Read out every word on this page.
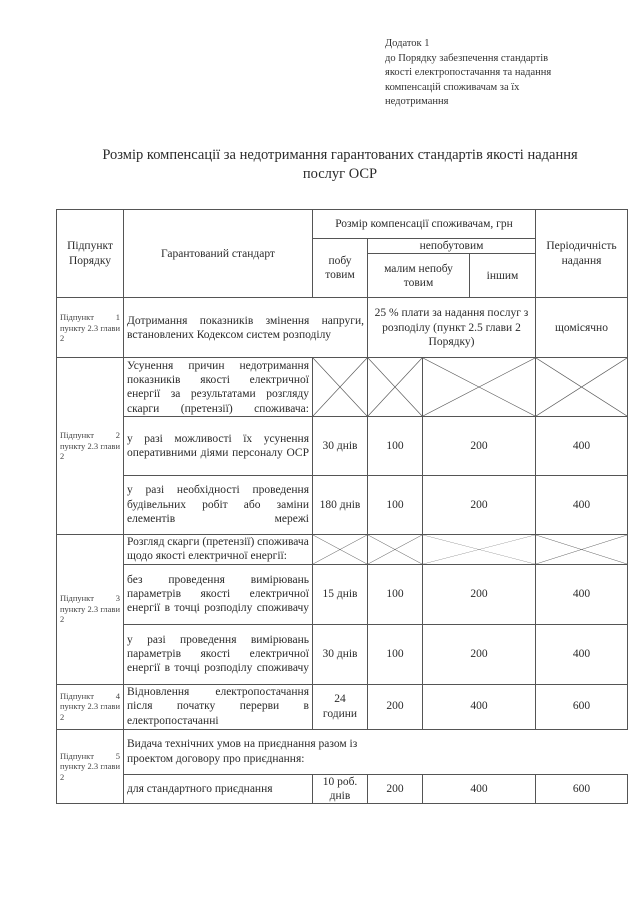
Додаток 1
до Порядку забезпечення стандартів
якості електропостачання та надання
компенсацій споживачам за їх
недотримання
Розмір компенсації за недотримання гарантованих стандартів якості надання
послуг ОСР
Підпункт Порядку	Гарантований стандарт	Розмір компенсації споживачам, грн				Періодичність надання	
		побу товим	непобутовим				
			малим непобу товим		іншим		
Підпункт 1 пункту 2.3 глави 2	Дотримання показників змінення напруги, встановлених Кодексом систем розподілу		25 % плати за надання послуг з розподілу (пункт 2.5 глави 2 Порядку)			щомісячно	
Підпункт 2 пункту 2.3 глави 2	Усунення причин недотримання показників якості електричної енергії за результатами розгляду скарги (претензії) споживача:	

	у разі можливості їх усунення оперативними діями персоналу ОСР	30 днів	100	200		400	
	у разі необхідності проведення будівельних робіт або заміни елементів мережі	180 днів	100	200		400	
Підпункт 3 пункту 2.3 глави 2	Розгляд скарги (претензії) споживача щодо якості електричної енергії:	

	без проведення вимірювань параметрів якості електричної енергії в точці розподілу споживачу	15 днів	100	200		400	
	у разі проведення вимірювань параметрів якості електричної енергії в точці розподілу споживачу	30 днів	100	200		400	
Підпункт 4 пункту 2.3 глави 2	Відновлення електропостачання після початку перерви в електропостачанні	24 години	200	400		600	
Підпункт 5 пункту 2.3 глави 2	Видача технічних умов на приєднання разом із проектом договору про приєднання:						

	для стандартного приєднання	10 роб. днів	200	400		600	
